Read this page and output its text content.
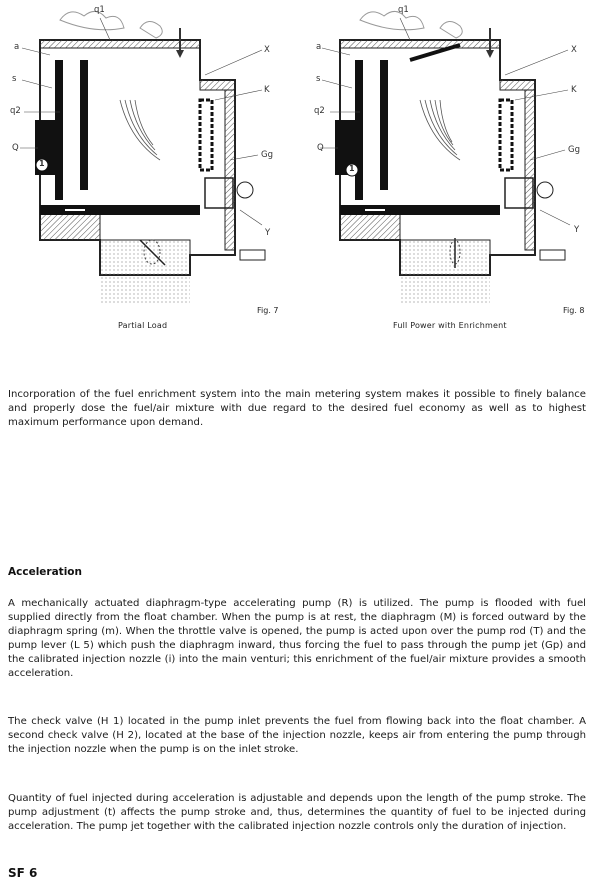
q1
a
s
q2
Q
X
K
Gg
Y
1
Fig. 7
Partial Load
q1
a
s
q2
Q
X
K
Gg
Y
1
Fig. 8
Full Power with Enrichment

Incorporation of the fuel enrichment system into the main metering system makes it possible to finely balance and properly dose the fuel/air mixture with due regard to the desired fuel economy as well as to highest maximum performance upon demand.

Acceleration

A mechanically actuated diaphragm-type accelerating pump (R) is utilized. The pump is flooded with fuel supplied directly from the float chamber. When the pump is at rest, the diaphragm (M) is forced outward by the diaphragm spring (m). When the throttle valve is opened, the pump is acted upon over the pump rod (T) and the pump lever (L 5) which push the diaphragm inward, thus forcing the fuel to pass through the pump jet (Gp) and the calibrated injection nozzle (i) into the main venturi; this enrichment of the fuel/air mixture provides a smooth acceleration.

The check valve (H 1) located in the pump inlet prevents the fuel from flowing back into the float chamber. A second check valve (H 2), located at the base of the injection nozzle, keeps air from entering the pump through the injection nozzle when the pump is on the inlet stroke.

Quantity of fuel injected during acceleration is adjustable and depends upon the length of the pump stroke. The pump adjustment (t) affects the pump stroke and, thus, determines the quantity of fuel to be injected during acceleration. The pump jet together with the calibrated injection nozzle controls only the duration of injection.

SF 6
